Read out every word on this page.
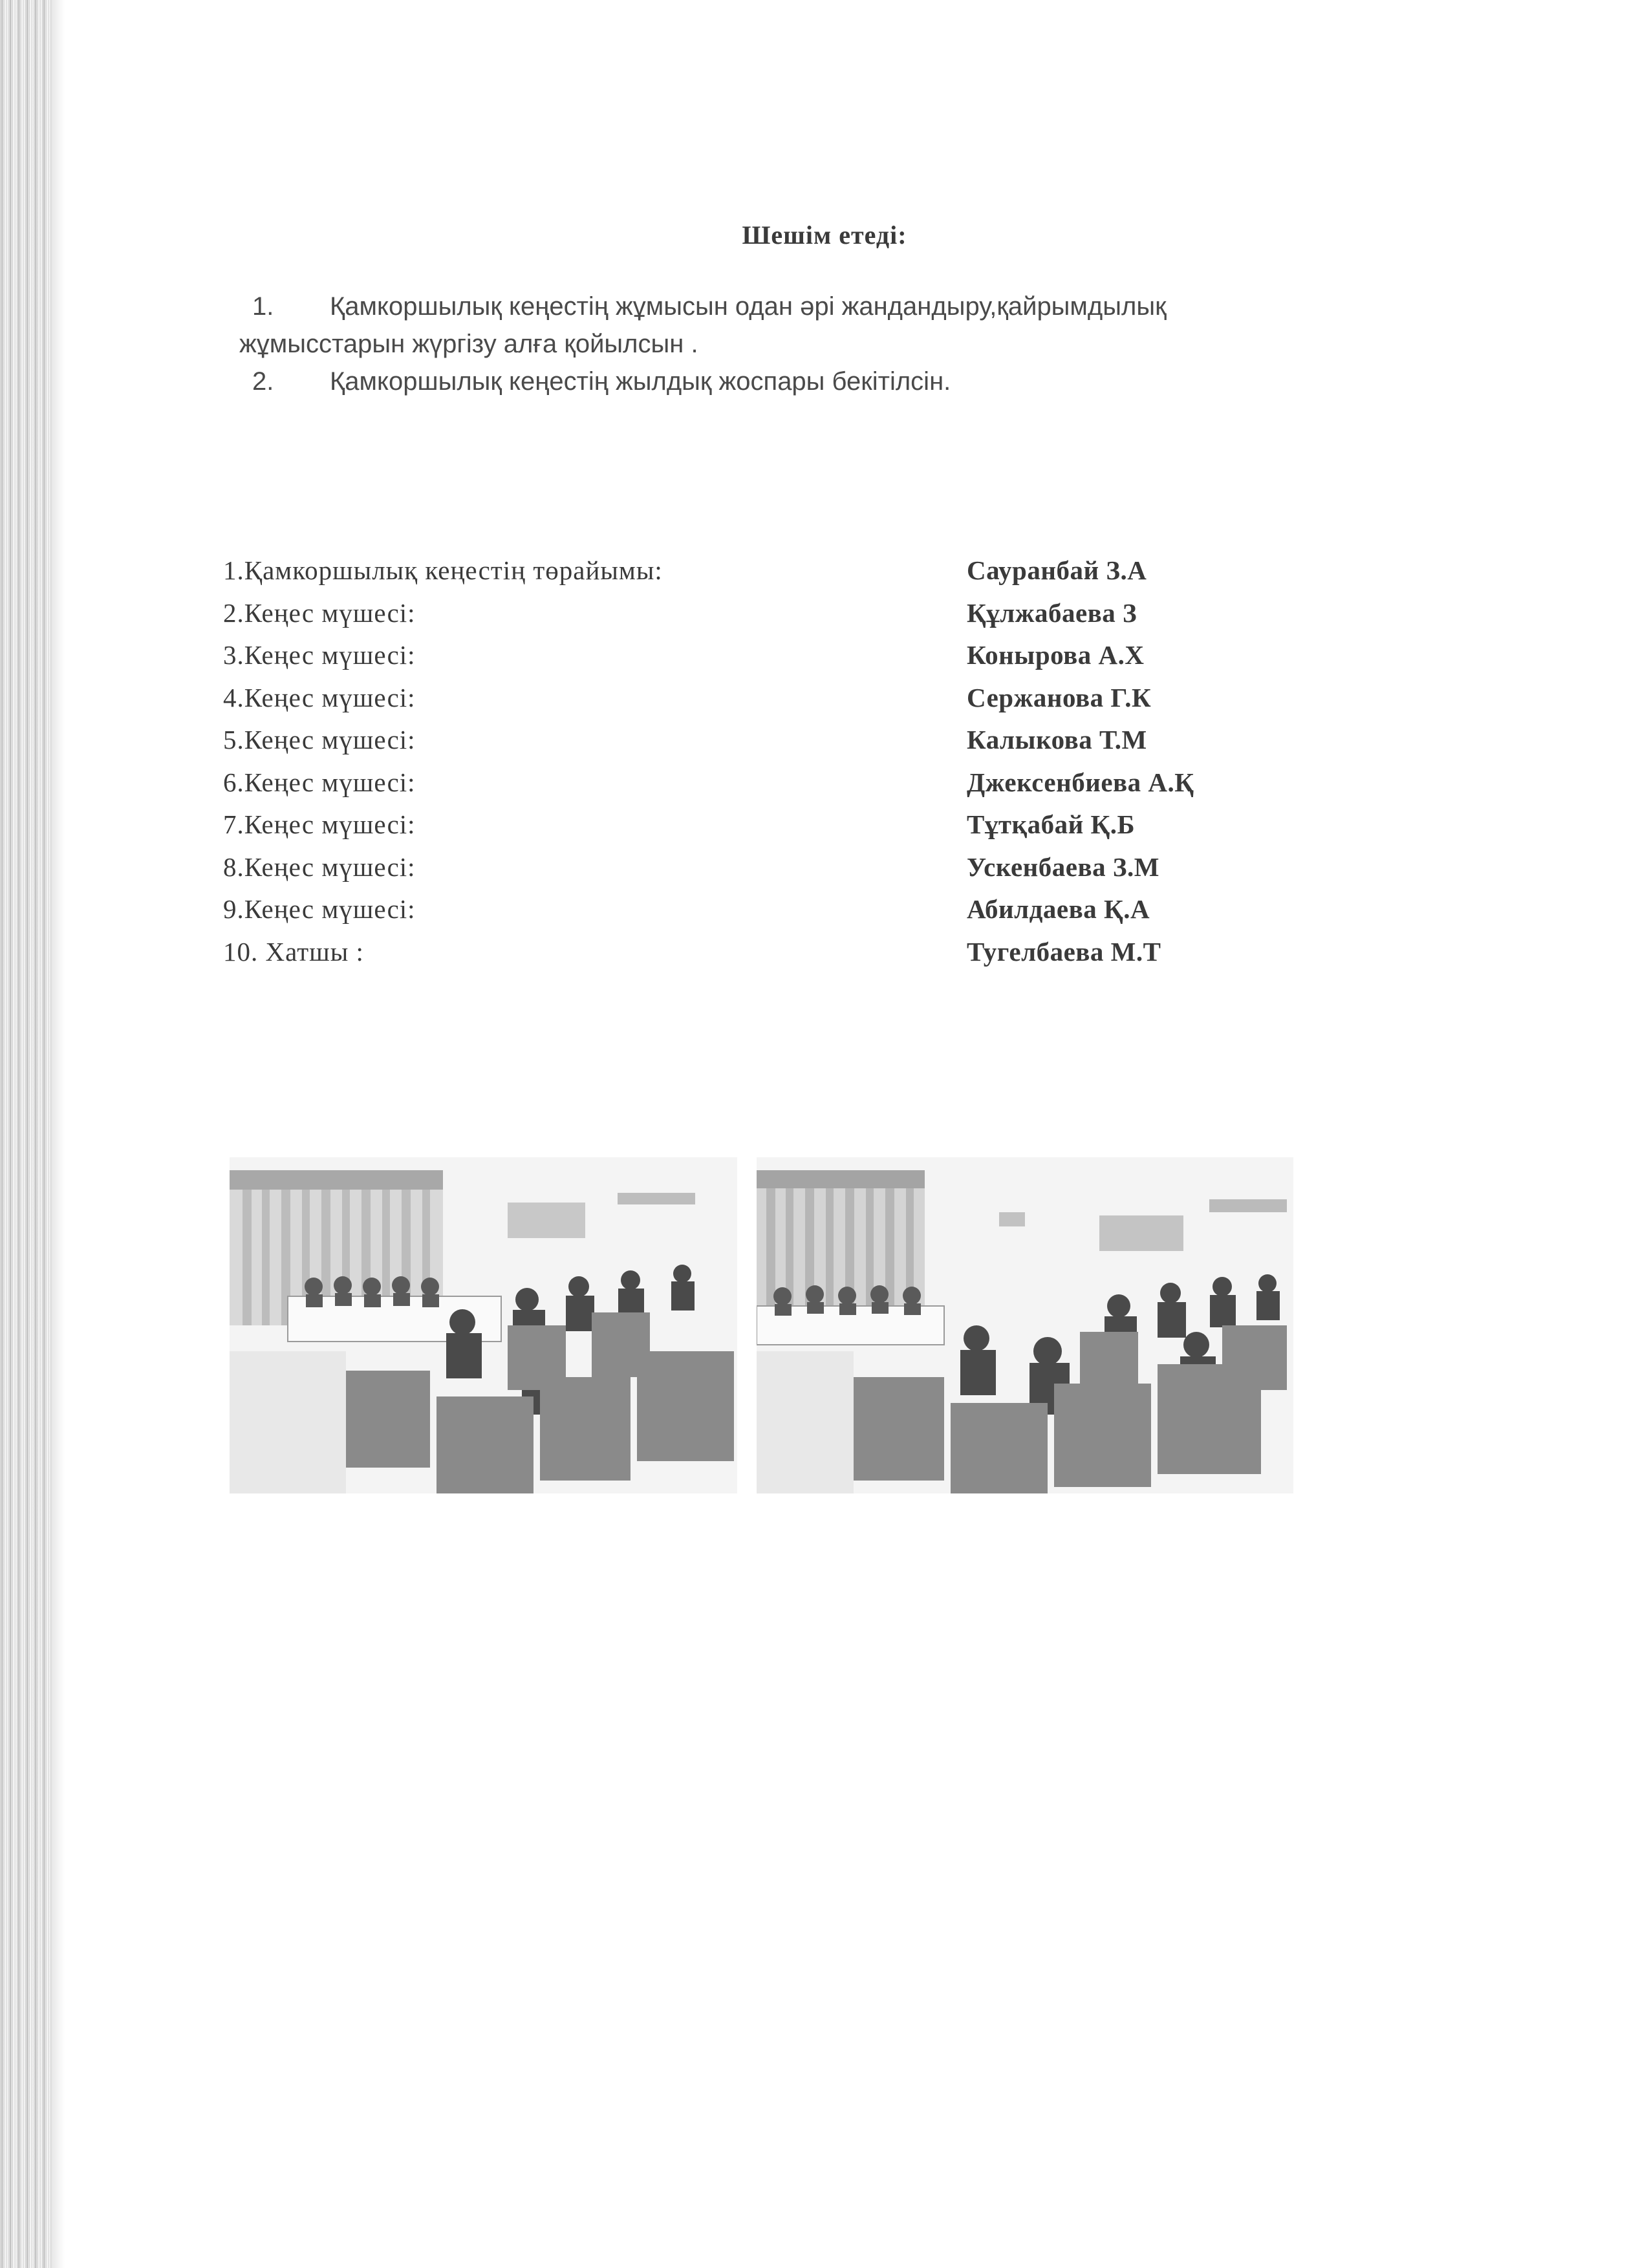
Шешім етеді:
1. Қамкоршылық кеңестің жұмысын одан әрі жандандыру,қайрымдылық
жұмысстарын жүргізу алға қойылсын .
2. Қамкоршылық кеңестің жылдық жоспары бекітілсін.
1.Қамкоршылық кеңестің төрайымы:	Сауранбай З.А
2.Кеңес мүшесі:	Құлжабаева З
3.Кеңес мүшесі:	Конырова А.Х
4.Кеңес мүшесі:	Сержанова Г.К
5.Кеңес мүшесі:	Калыкова Т.М
6.Кеңес мүшесі:	Джексенбиева А.Қ
7.Кеңес мүшесі:	Тұтқабай Қ.Б
8.Кеңес мүшесі:	Ускенбаева З.М
9.Кеңес мүшесі:	Абилдаева Қ.А
10. Хатшы :	Тугелбаева М.Т
